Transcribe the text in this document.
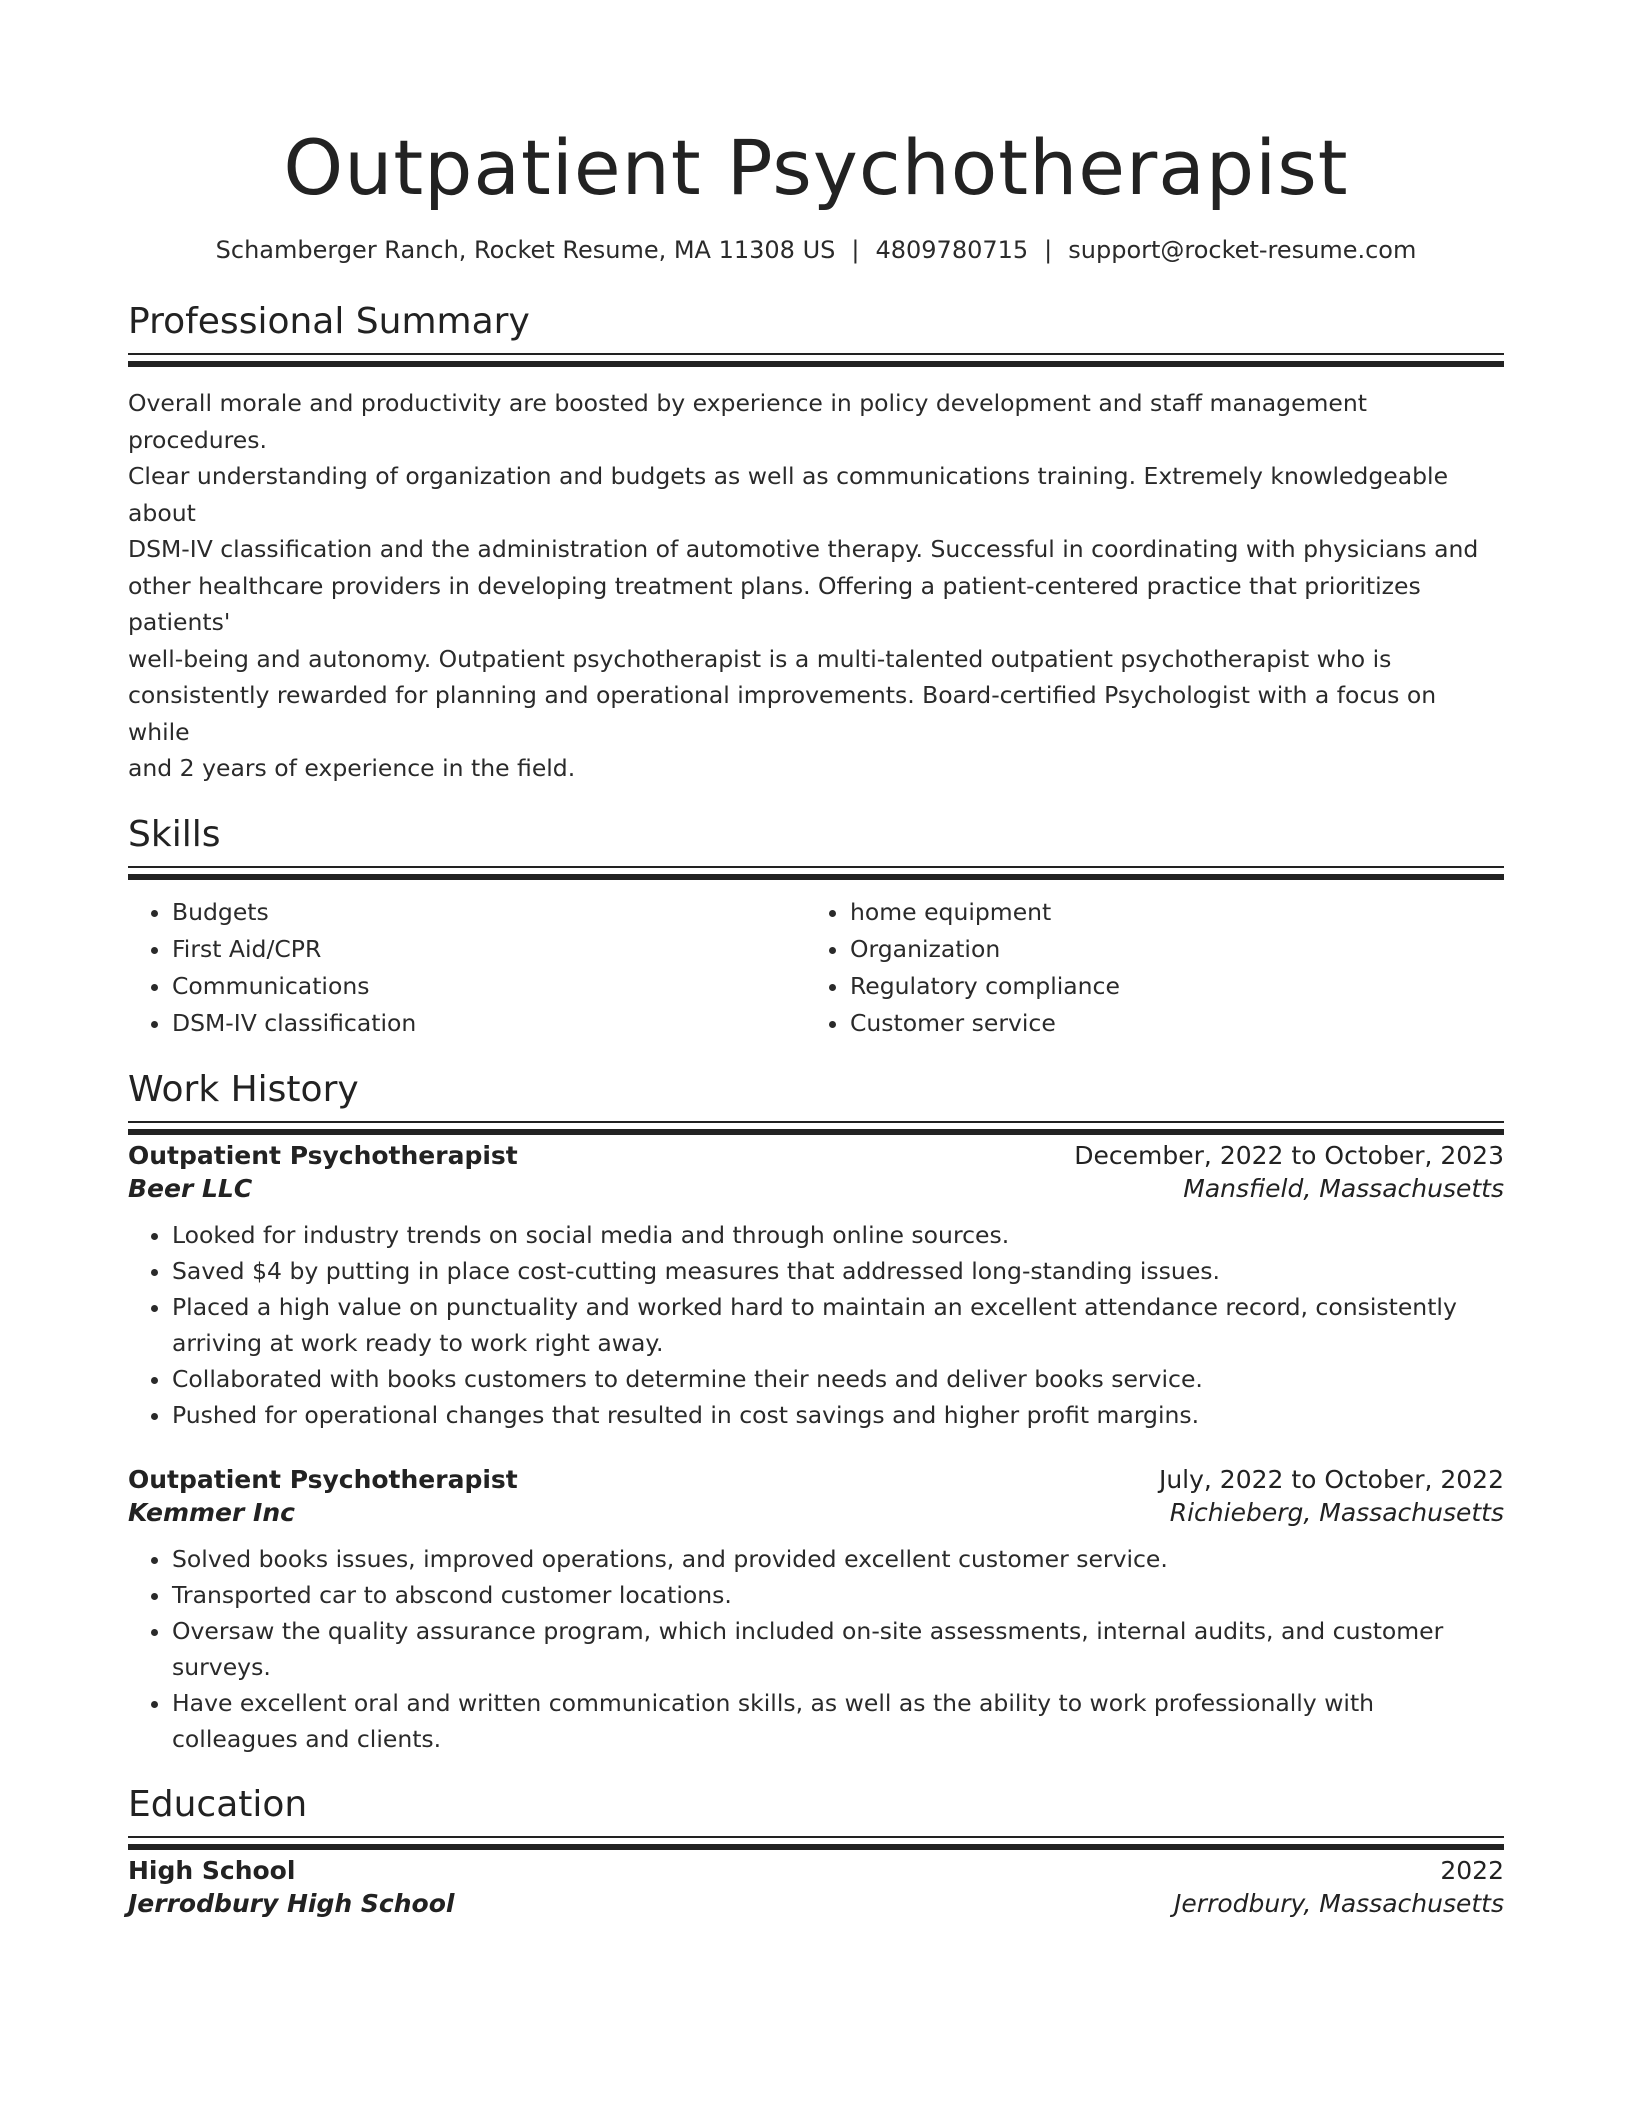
Outpatient Psychotherapist
Schamberger Ranch, Rocket Resume, MA 11308 US | 4809780715 | support@rocket-resume.com
Professional Summary
Overall morale and productivity are boosted by experience in policy development and staff management procedures.
Clear understanding of organization and budgets as well as communications training. Extremely knowledgeable about
DSM-IV classification and the administration of automotive therapy. Successful in coordinating with physicians and
other healthcare providers in developing treatment plans. Offering a patient-centered practice that prioritizes patients'
well-being and autonomy. Outpatient psychotherapist is a multi-talented outpatient psychotherapist who is
consistently rewarded for planning and operational improvements. Board-certified Psychologist with a focus on while
and 2 years of experience in the field.
Skills
• Budgets
• First Aid/CPR
• Communications
• DSM-IV classification
• home equipment
• Organization
• Regulatory compliance
• Customer service
Work History
Outpatient Psychotherapist	December, 2022 to October, 2023
Beer LLC	Mansfield, Massachusetts
• Looked for industry trends on social media and through online sources.
• Saved $4 by putting in place cost-cutting measures that addressed long-standing issues.
• Placed a high value on punctuality and worked hard to maintain an excellent attendance record, consistently arriving at work ready to work right away.
• Collaborated with books customers to determine their needs and deliver books service.
• Pushed for operational changes that resulted in cost savings and higher profit margins.
Outpatient Psychotherapist	July, 2022 to October, 2022
Kemmer Inc	Richieberg, Massachusetts
• Solved books issues, improved operations, and provided excellent customer service.
• Transported car to abscond customer locations.
• Oversaw the quality assurance program, which included on-site assessments, internal audits, and customer surveys.
• Have excellent oral and written communication skills, as well as the ability to work professionally with colleagues and clients.
Education
High School	2022
Jerrodbury High School	Jerrodbury, Massachusetts
